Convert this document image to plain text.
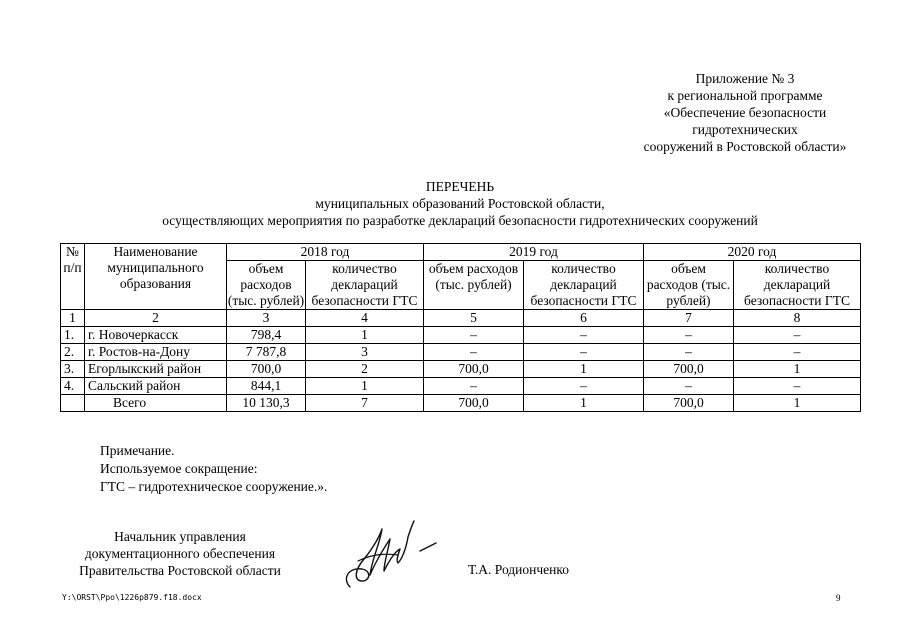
Приложение № 3
к региональной программе
«Обеспечение безопасности
гидротехнических
сооружений в Ростовской области»
ПЕРЕЧЕНЬ
муниципальных образований Ростовской области,
осуществляющих мероприятия по разработке деклараций безопасности гидротехнических сооружений
№ п/п	Наименование муниципального образования	2018 год		2019 год		2020 год	
		объем расходов (тыс. рублей)	количество деклараций безопасности ГТС	объем расходов (тыс. рублей)	количество деклараций безопасности ГТС	объем расходов (тыс. рублей)	количество деклараций безопасности ГТС
1	2	3	4	5	6	7	8
1.	г. Новочеркасск	798,4	1	–	–	–	–
2.	г. Ростов-на-Дону	7 787,8	3	–	–	–	–
3.	Егорлыкский район	700,0	2	700,0	1	700,0	1
4.	Сальский район	844,1	1	–	–	–	–
	Всего	10 130,3	7	700,0	1	700,0	1
Примечание.
Используемое сокращение:
ГТС – гидротехническое сооружение.».
Начальник управления
документационного обеспечения
Правительства Ростовской области	Т.А. Родионченко
Y:\ORST\Ppo\1226p879.f18.docx	9
